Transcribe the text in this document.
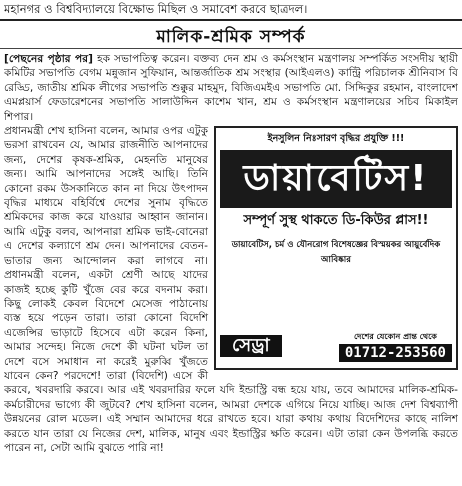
মহানগর ও বিশ্ববিদ্যালয়ে বিক্ষোভ মিছিল ও সমাবেশ করবে ছাত্রদল।
মালিক-শ্রমিক সম্পর্ক

[পেছনের পৃষ্ঠার পর] হক সভাপতিত্ব করেন। বক্তব্য দেন শ্রম ও কর্মসংস্থান মন্ত্রণালয় সম্পর্কিত সংসদীয় স্থায়ী কমিটির সভাপতি বেগম মন্নুজান সুফিয়ান, আন্তর্জাতিক শ্রম সংস্থার (আইএলও) কান্ট্রি পরিচালক শ্রীনিবাস বি রেড্ডি, জাতীয় শ্রমিক লীগের সভাপতি শুক্কুর মাহমুদ, বিজিএমইএ সভাপতি মো. সিদ্দিকুর রহমান, বাংলাদেশ এমপ্লয়ার্স ফেডারেশনের সভাপতি সালাউদ্দিন কাশেম খান, শ্রম ও কর্মসংস্থান মন্ত্রণালয়ের সচিব মিকাইল শিপার।

ইনসুলিন নিঃসারণ বৃদ্ধির প্রযুক্তি !!!
ডায়াবেটিস!
সম্পূর্ণ সুস্থ থাকতে ডি-কিউর প্লাস!!
ডায়াবেটিস, চর্ম ও যৌনরোগ বিশেষজ্ঞের বিস্ময়কর আয়ুর্বেদিক আবিষ্কার
সেড্রা	দেশের যেকোন প্রান্ত থেকে
01712-253560

প্রধানমন্ত্রী শেখ হাসিনা বলেন, আমার ওপর এটুকু ভরসা রাখবেন যে, আমার রাজনীতি আপনাদের জন্য, দেশের কৃষক-শ্রমিক, মেহনতি মানুষের জন্য। আমি আপনাদের সঙ্গেই আছি। তিনি কোনো রকম উসকানিতে কান না দিয়ে উৎপাদন বৃদ্ধির মাধ্যমে বহির্বিশ্বে দেশের সুনাম বৃদ্ধিতে শ্রমিকদের কাজ করে যাওয়ার আহ্বান জানান। আমি এটুকু বলব, আপনারা শ্রমিক ভাই-বোনেরা এ দেশের কল্যাণে শ্রম দেন। আপনাদের বেতন-ভাতার জন্য আন্দোলন করা লাগবে না। প্রধানমন্ত্রী বলেন, একটা শ্রেণী আছে যাদের কাজই হচ্ছে কুটি খুঁজে বের করে বদনাম করা। কিছু লোকই কেবল বিদেশে মেসেজ পাঠানোয় ব্যস্ত হয়ে পড়েন তারা। তারা কোনো বিদেশি এজেন্সির ভাড়াটে হিসেবে এটা করেন কিনা, আমার সন্দেহ। নিজে দেশে কী ঘটনা ঘটল তা দেশে বসে সমাধান না করেই মুরুব্বি খুঁজতে যাবেন কেন? পরদেশে! তারা (বিদেশি) এসে কী করবে, খবরদারি করবে। আর এই খবরদারির ফলে যদি ইন্ডাস্ট্রি বন্ধ হয়ে যায়, তবে আমাদের মালিক-শ্রমিক-কর্মচারীদের ভাগ্যে কী জুটবে? শেখ হাসিনা বলেন, আমরা দেশকে এগিয়ে নিয়ে যাচ্ছি। আজ দেশ বিশ্বব্যাপী উন্নয়নের রোল মডেল। এই সম্মান আমাদের ধরে রাখতে হবে। যারা কথায় কথায় বিদেশিদের কাছে নালিশ করতে যান তারা যে নিজের দেশ, মালিক, মানুষ এবং ইন্ডাস্ট্রির ক্ষতি করেন। এটা তারা কেন উপলব্ধি করতে পারেন না, সেটা আমি বুঝতে পারি না!
